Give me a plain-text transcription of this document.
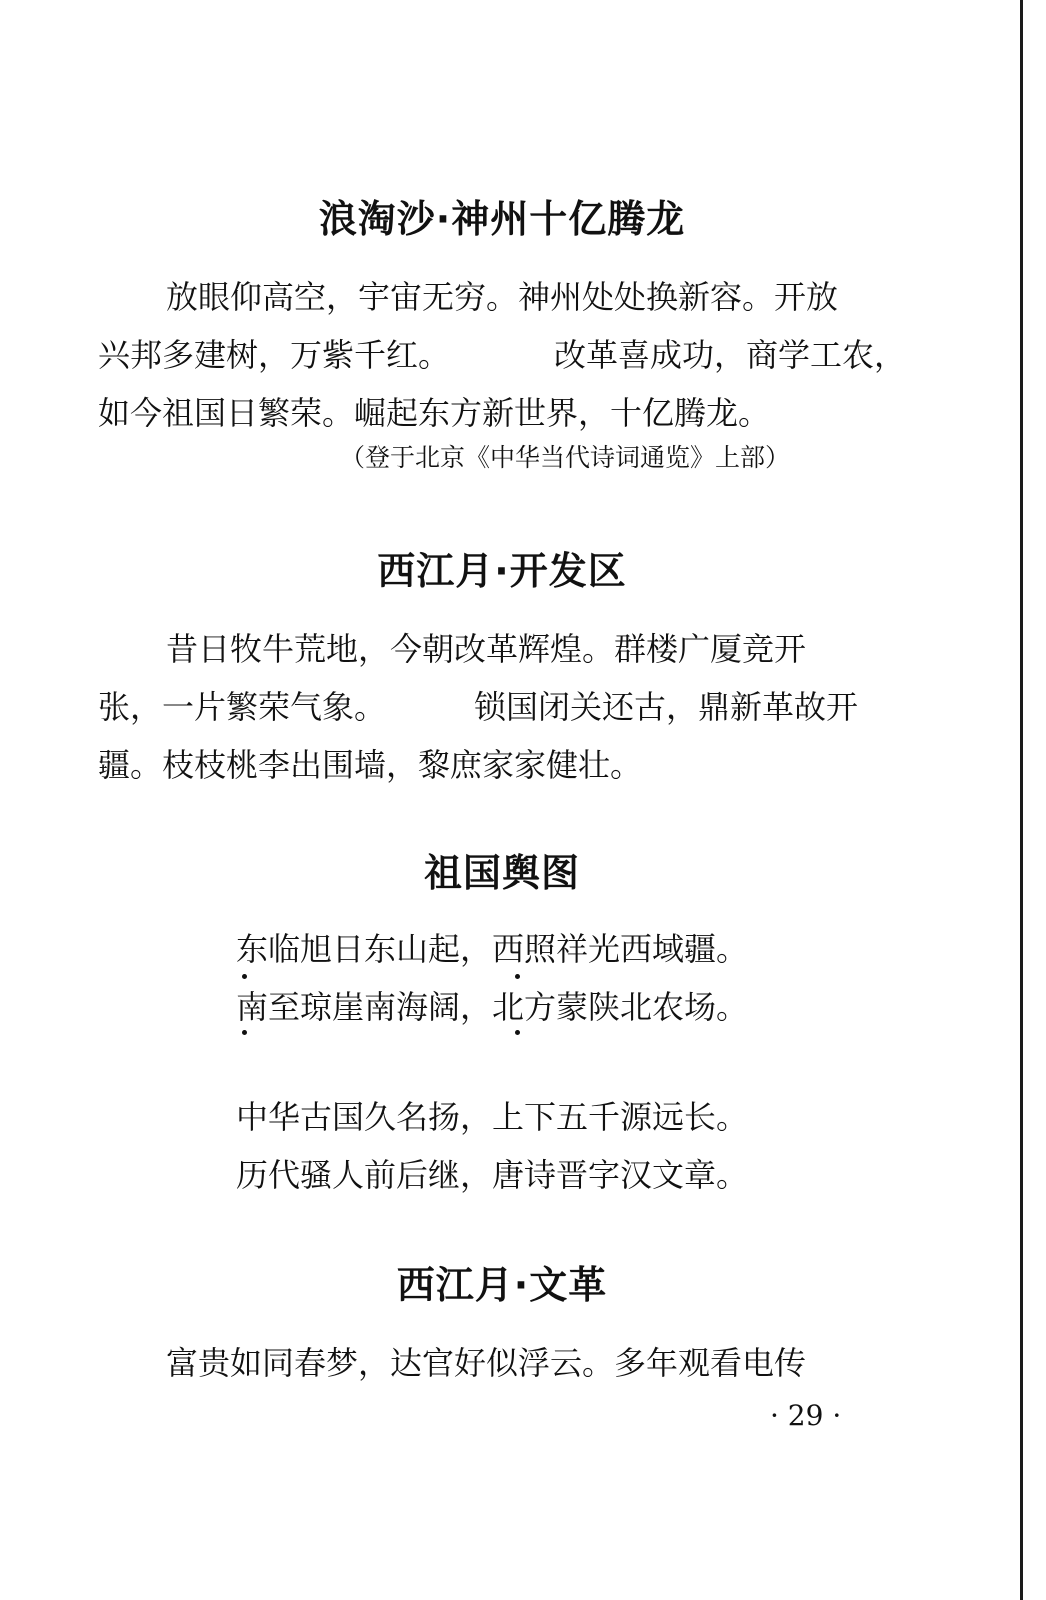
浪淘沙·神州十亿腾龙
放眼仰高空，宇宙无穷。神州处处换新容。开放
兴邦多建树，万紫千红。	改革喜成功，商学工农，
如今祖国日繁荣。崛起东方新世界，十亿腾龙。

（登于北京《中华当代诗词通览》上部）

西江月·开发区
昔日牧牛荒地，今朝改革辉煌。群楼广厦竞开
张，一片繁荣气象。	锁国闭关还古，鼎新革故开
疆。枝枝桃李出围墙，黎庶家家健壮。
祖国舆图
东临旭日东山起，西照祥光西域疆。
南至琼崖南海阔，北方蒙陕北农场。
中华古国久名扬，上下五千源远长。
历代骚人前后继，唐诗晋字汉文章。
西江月·文革
富贵如同春梦，达官好似浮云。多年观看电传

· 29 ·
